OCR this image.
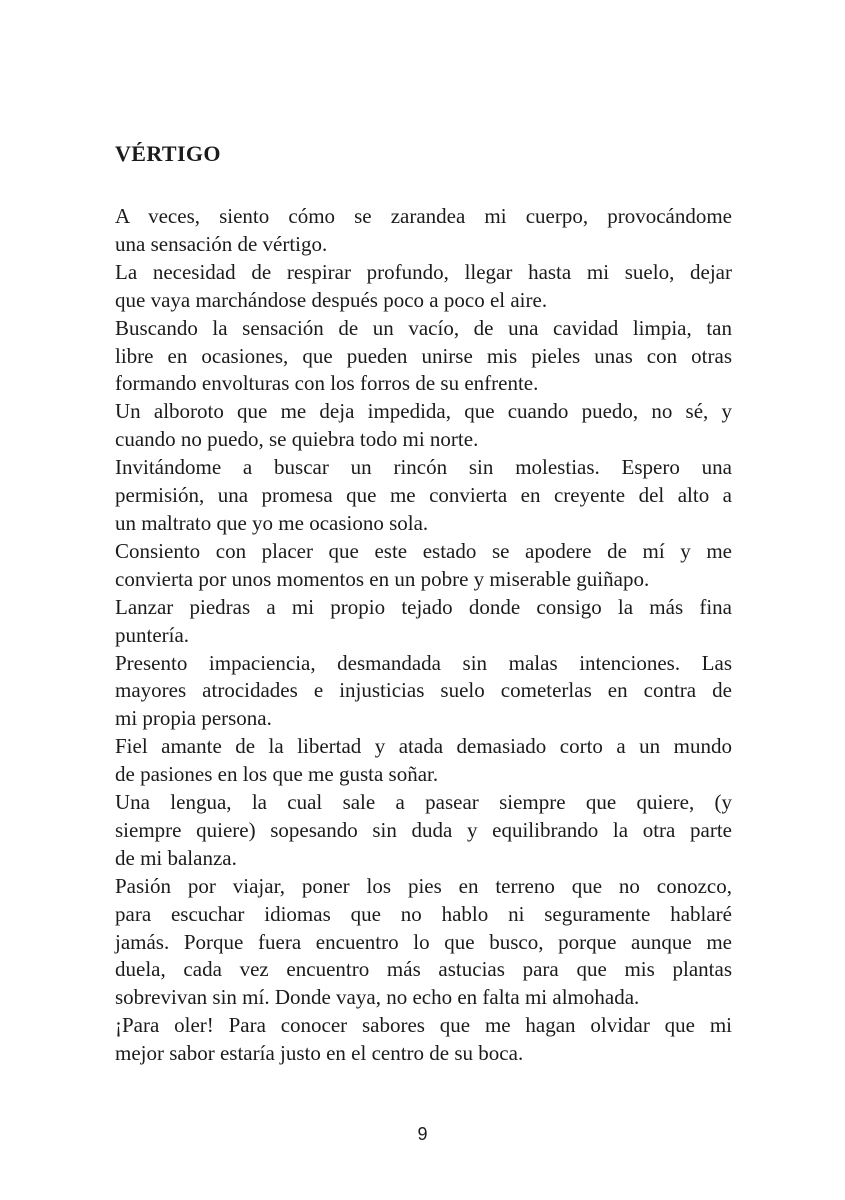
VÉRTIGO
A veces, siento cómo se zarandea mi cuerpo, provocándome
una sensación de vértigo.
La necesidad de respirar profundo, llegar hasta mi suelo, dejar
que vaya marchándose después poco a poco el aire.
Buscando la sensación de un vacío, de una cavidad limpia, tan
libre en ocasiones, que pueden unirse mis pieles unas con otras
formando envolturas con los forros de su enfrente.
Un alboroto que me deja impedida, que cuando puedo, no sé, y
cuando no puedo, se quiebra todo mi norte.
Invitándome a buscar un rincón sin molestias. Espero una
permisión, una promesa que me convierta en creyente del alto a
un maltrato que yo me ocasiono sola.
Consiento con placer que este estado se apodere de mí y me
convierta por unos momentos en un pobre y miserable guiñapo.
Lanzar piedras a mi propio tejado donde consigo la más fina
puntería.
Presento impaciencia, desmandada sin malas intenciones. Las
mayores atrocidades e injusticias suelo cometerlas en contra de
mi propia persona.
Fiel amante de la libertad y atada demasiado corto a un mundo
de pasiones en los que me gusta soñar.
Una lengua, la cual sale a pasear siempre que quiere, (y
siempre quiere) sopesando sin duda y equilibrando la otra parte
de mi balanza.
Pasión por viajar, poner los pies en terreno que no conozco,
para escuchar idiomas que no hablo ni seguramente hablaré
jamás. Porque fuera encuentro lo que busco, porque aunque me
duela, cada vez encuentro más astucias para que mis plantas
sobrevivan sin mí. Donde vaya, no echo en falta mi almohada.
¡Para oler! Para conocer sabores que me hagan olvidar que mi
mejor sabor estaría justo en el centro de su boca.
9
